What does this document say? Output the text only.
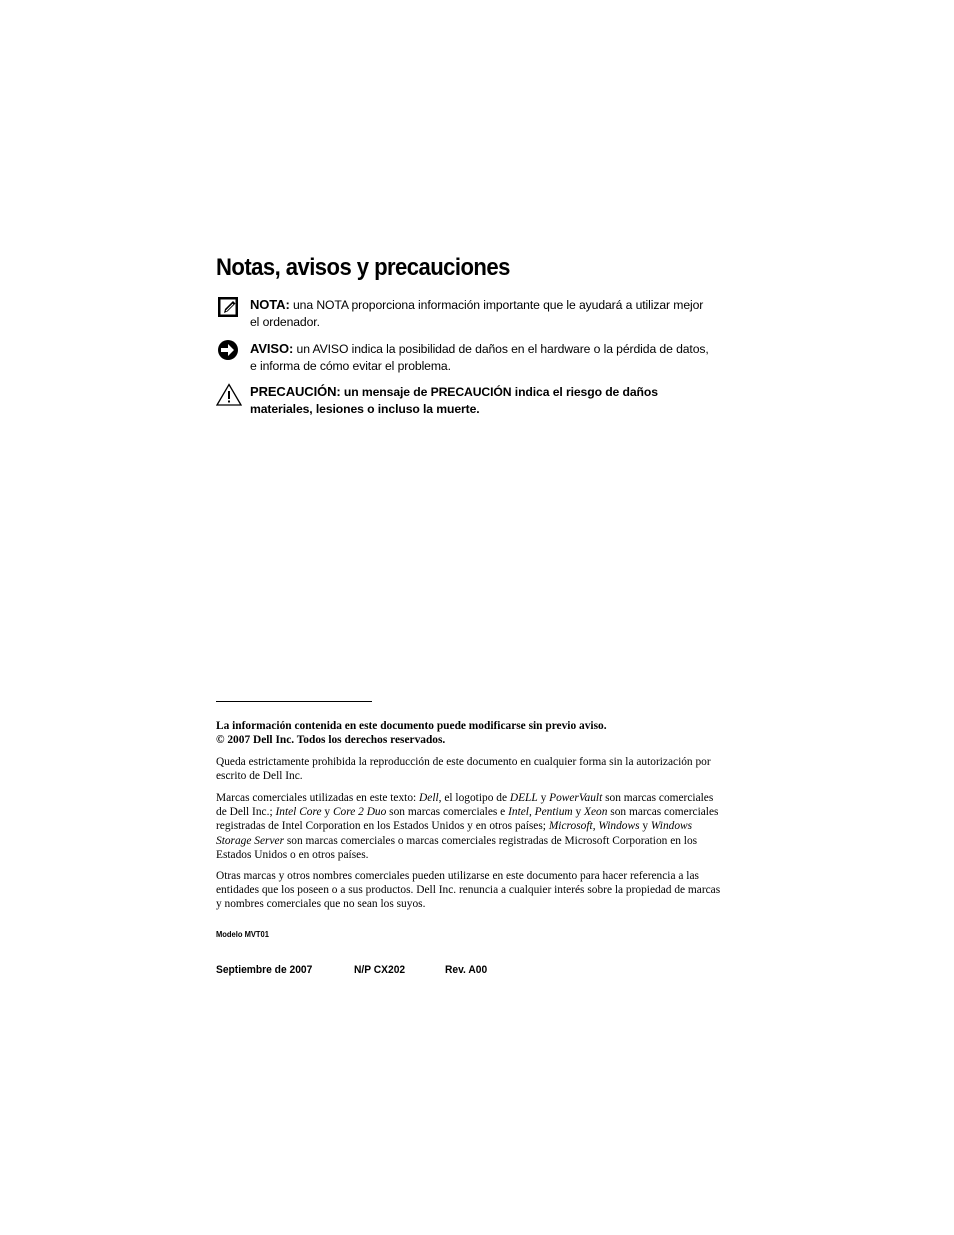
Notas, avisos y precauciones
NOTA: una NOTA proporciona información importante que le ayudará a utilizar mejor el ordenador.
AVISO: un AVISO indica la posibilidad de daños en el hardware o la pérdida de datos, e informa de cómo evitar el problema.
PRECAUCIÓN: un mensaje de PRECAUCIÓN indica el riesgo de daños materiales, lesiones o incluso la muerte.

La información contenida en este documento puede modificarse sin previo aviso.
© 2007 Dell Inc. Todos los derechos reservados.

Queda estrictamente prohibida la reproducción de este documento en cualquier forma sin la autorización por escrito de Dell Inc.

Marcas comerciales utilizadas en este texto: Dell, el logotipo de DELL y PowerVault son marcas comerciales de Dell Inc.; Intel Core y Core 2 Duo son marcas comerciales e Intel, Pentium y Xeon son marcas comerciales registradas de Intel Corporation en los Estados Unidos y en otros países; Microsoft, Windows y Windows Storage Server son marcas comerciales o marcas comerciales registradas de Microsoft Corporation en los Estados Unidos o en otros países.

Otras marcas y otros nombres comerciales pueden utilizarse en este documento para hacer referencia a las entidades que los poseen o a sus productos. Dell Inc. renuncia a cualquier interés sobre la propiedad de marcas y nombres comerciales que no sean los suyos.

Modelo MVT01
Septiembre de 2007	N/P CX202	Rev. A00
